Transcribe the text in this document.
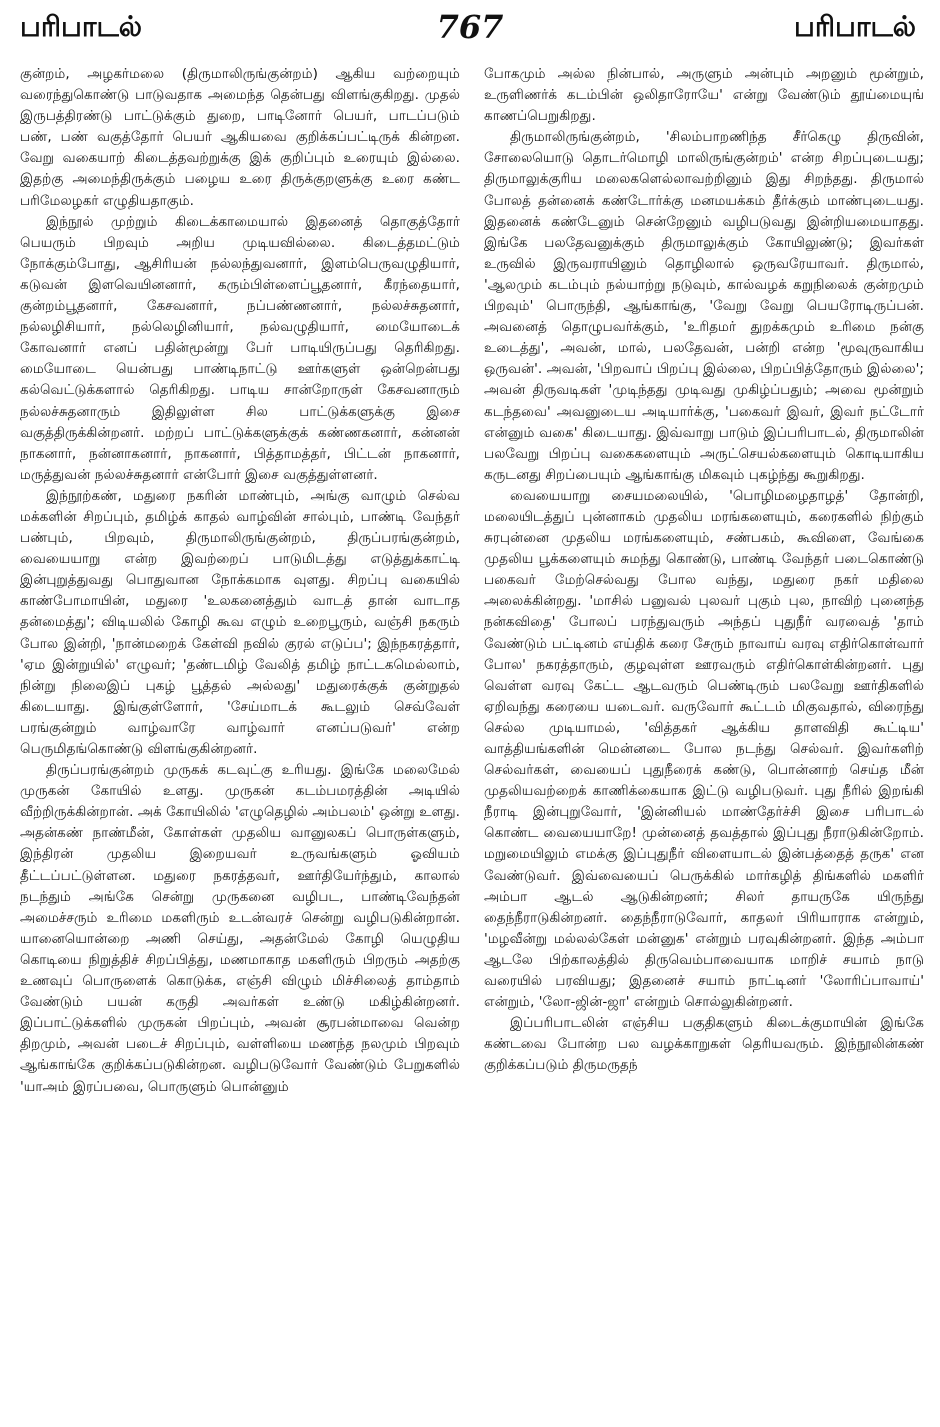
பரிபாடல்	767	பரிபாடல்

குன்றம், அழகர்மலை (திருமாலிருங்குன்றம்) ஆகிய வற்றையும் வரைந்துகொண்டு பாடுவதாக அமைந்த தென்பது விளங்குகிறது. முதல் இருபத்திரண்டு பாட்டுக்கும் துறை, பாடினோர் பெயர், பாடப்படும் பண், பண் வகுத்தோர் பெயர் ஆகியவை குறிக்கப்பட்டிருக் கின்றன. வேறு வகையாற் கிடைத்தவற்றுக்கு இக் குறிப்பும் உரையும் இல்லை. இதற்கு அமைந்திருக்கும் பழைய உரை திருக்குறளுக்கு உரை கண்ட பரிமேலழகர் எழுதியதாகும்.

இந்நூல் முற்றும் கிடைக்காமையால் இதனைத் தொகுத்தோர் பெயரும் பிறவும் அறிய முடியவில்லை. கிடைத்தமட்டும் நோக்கும்போது, ஆசிரியன் நல்லந்துவனார், இளம்பெருவழுதியார், கடுவன் இளவெயினனார், கரும்பிள்ளைப்பூதனார், கீரந்தையார், குன்றம்பூதனார், கேசவனார், நப்பண்ணனார், நல்லச்சுதனார், நல்லழிசியார், நல்லெழினியார், நல்வழுதியார், மையோடைக் கோவனார் எனப் பதின்மூன்று பேர் பாடியிருப்பது தெரிகிறது. மையோடை யென்பது பாண்டிநாட்டு ஊர்களுள் ஒன்றென்பது கல்வெட்டுக்களால் தெரிகிறது. பாடிய சான்றோருள் கேசவனாரும் நல்லச்சுதனாரும் இதிலுள்ள சில பாட்டுக்களுக்கு இசை வகுத்திருக்கின்றனர். மற்றப் பாட்டுக்களுக்குக் கண்ணகனார், கன்னன் நாகனார், நன்னாகனார், நாகனார், பித்தாமத்தர், பிட்டன் நாகனார், மருத்துவன் நல்லச்சுதனார் என்போர் இசை வகுத்துள்ளனர்.

இந்நூற்கண், மதுரை நகரின் மாண்பும், அங்கு வாழும் செல்வ மக்களின் சிறப்பும், தமிழ்க் காதல் வாழ்வின் சால்பும், பாண்டி வேந்தர் பண்பும், பிறவும், திருமாலிருங்குன்றம், திருப்பரங்குன்றம், வையையாறு என்ற இவற்றைப் பாடுமிடத்து எடுத்துக்காட்டி இன்புறுத்துவது பொதுவான நோக்கமாக வுளது. சிறப்பு வகையில் காண்போமாயின், மதுரை 'உலகனைத்தும் வாடத் தான் வாடாத தன்மைத்து'; விடியலில் கோழி கூவ எழும் உறைபூரும், வஞ்சி நகரும் போல இன்றி, 'நான்மறைக் கேள்வி நவில் குரல் எடுப்ப'; இந்நகரத்தார், 'ஏம இன்றுயில்' எழுவர்; 'தண்டமிழ் வேலித் தமிழ் நாட்டகமெல்லாம், நின்று நிலைஇப் புகழ் பூத்தல் அல்லது' மதுரைக்குக் குன்றுதல் கிடையாது. இங்குள்ளோர், 'சேய்மாடக் கூடலும் செவ்வேள் பரங்குன்றும் வாழ்வாரே வாழ்வார் எனப்படுவர்' என்ற பெருமிதங்கொண்டு விளங்குகின்றனர்.

திருப்பரங்குன்றம் முருகக் கடவுட்கு உரியது. இங்கே மலைமேல் முருகன் கோயில் உளது. முருகன் கடம்பமரத்தின் அடியில் வீற்றிருக்கின்றான். அக் கோயிலில் 'எழுதெழில் அம்பலம்' ஒன்று உளது. அதன்கண் நாண்மீன், கோள்கள் முதலிய வானுலகப் பொருள்களும், இந்திரன் முதலிய இறையவர் உருவங்களும் ஓவியம் தீட்டப்பட்டுள்ளன. மதுரை நகரத்தவர், ஊர்தியேர்ந்தும், காலால் நடந்தும் அங்கே சென்று முருகனை வழிபட, பாண்டிவேந்தன் அமைச்சரும் உரிமை மகளிரும் உடன்வரச் சென்று வழிபடுகின்றான். யானையொன்றை அணி செய்து, அதன்மேல் கோழி யெழுதிய கொடியை நிறுத்திச் சிறப்பித்து, மணமாகாத மகளிரும் பிறரும் அதற்கு உணவுப் பொருளைக் கொடுக்க, எஞ்சி விழும் மிச்சிலைத் தாம்தாம் வேண்டும் பயன் கருதி அவர்கள் உண்டு மகிழ்கின்றனர். இப்பாட்டுக்களில் முருகன் பிறப்பும், அவன் சூரபன்மாவை வென்ற திறமும், அவன் படைச் சிறப்பும், வள்ளியை மணந்த நலமும் பிறவும் ஆங்காங்கே குறிக்கப்படுகின்றன. வழிபடுவோர் வேண்டும் பேறுகளில் 'யாஅம் இரப்பவை, பொருளும் பொன்னும்

போகமும் அல்ல நின்பால், அருளும் அன்பும் அறனும் மூன்றும், உருளிணர்க் கடம்பின் ஒலிதாரோயே' என்று வேண்டும் தூய்மையுங் காணப்பெறுகிறது.

திருமாலிருங்குன்றம், 'சிலம்பாறணிந்த சீர்கெழு திருவின், சோலையொடு தொடர்மொழி மாலிருங்குன்றம்' என்ற சிறப்புடையது; திருமாலுக்குரிய மலைகளெல்லாவற்றினும் இது சிறந்தது. திருமால் போலத் தன்னைக் கண்டோர்க்கு மனமயக்கம் தீர்க்கும் மாண்புடையது. இதனைக் கண்டேனும் சென்றேனும் வழிபடுவது இன்றியமையாதது. இங்கே பலதேவனுக்கும் திருமாலுக்கும் கோயிலுண்டு; இவர்கள் உருவில் இருவராயினும் தொழிலால் ஒருவரேயாவர். திருமால், 'ஆலமும் கடம்பும் நல்யாற்று நடுவும், கால்வழக் கறுநிலைக் குன்றமும் பிறவும்' பொருந்தி, ஆங்காங்கு, 'வேறு வேறு பெயரோடிருப்பன். அவனைத் தொழுபவர்க்கும், 'உரிதமர் துறக்கமும் உரிமை நன்கு உடைத்து', அவன், மால், பலதேவன், பன்றி என்ற 'மூவுருவாகிய ஒருவன்'. அவன், 'பிறவாப் பிறப்பு இல்லை, பிறப்பித்தோரும் இல்லை'; அவன் திருவடிகள் 'முடிந்தது முடிவது முகிழ்ப்பதும்; அவை மூன்றும் கடந்தவை' அவனுடைய அடியார்க்கு, 'பகைவர் இவர், இவர் நட்டோர் என்னும் வகை' கிடையாது. இவ்வாறு பாடும் இப்பரிபாடல், திருமாலின் பலவேறு பிறப்பு வகைகளையும் அருட்செயல்களையும் கொடியாகிய கருடனது சிறப்பையும் ஆங்காங்கு மிகவும் புகழ்ந்து கூறுகிறது.

வையையாறு சையமலையில், 'பொழிமழைதாழத்' தோன்றி, மலையிடத்துப் புன்னாகம் முதலிய மரங்களையும், கரைகளில் நிற்கும் சுரபுன்னை முதலிய மரங்களையும், சண்பகம், கூவிளை, வேங்கை முதலிய பூக்களையும் சுமந்து கொண்டு, பாண்டி வேந்தர் படைகொண்டு பகைவர் மேற்செல்வது போல வந்து, மதுரை நகர் மதிலை அலைக்கின்றது. 'மாசில் பனுவல் புலவர் புகும் புல, நாவிற் புனைந்த நன்கவிதை' போலப் பரந்துவரும் அந்தப் புதுநீர் வரவைத் 'தாம் வேண்டும் பட்டினம் எய்திக் கரை சேரும் நாவாய் வரவு எதிர்கொள்வார் போல' நகரத்தாரும், குழவுள்ள ஊரவரும் எதிர்கொள்கின்றனர். புது வெள்ள வரவு கேட்ட ஆடவரும் பெண்டிரும் பலவேறு ஊர்திகளில் ஏறிவந்து கரையை யடைவர். வருவோர் கூட்டம் மிகுவதால், விரைந்து செல்ல முடியாமல், 'வித்தகர் ஆக்கிய தாளவிதி கூட்டிய' வாத்தியங்களின் மென்னடை போல நடந்து செல்வர். இவர்களிற் செல்வர்கள், வையைப் புதுநீரைக் கண்டு, பொன்னாற் செய்த மீன் முதலியவற்றைக் காணிக்கையாக இட்டு வழிபடுவர். புது நீரில் இறங்கி நீராடி இன்புறுவோர், 'இன்னியல் மாண்தேர்ச்சி இசை பரிபாடல் கொண்ட வையையாறே! முன்னைத் தவத்தால் இப்புது நீராடுகின்றோம். மறுமையிலும் எமக்கு இப்புதுநீர் விளையாடல் இன்பத்தைத் தருக' என வேண்டுவர். இவ்வையைப் பெருக்கில் மார்கழித் திங்களில் மகளிர் அம்பா ஆடல் ஆடுகின்றனர்; சிலர் தாயருகே யிருந்து தைந்நீராடுகின்றனர். தைந்நீராடுவோர், காதலர் பிரியாராக என்றும், 'மழவீன்று மல்லல்கேள் மன்னுக' என்றும் பரவுகின்றனர். இந்த அம்பா ஆடலே பிற்காலத்தில் திருவெம்பாவையாக மாறிச் சயாம் நாடு வரையில் பரவியது; இதனைச் சயாம் நாட்டினர் 'லோரிப்பாவாய்' என்றும், 'லோ-ஜின்-ஜா' என்றும் சொல்லுகின்றனர்.

இப்பரிபாடலின் எஞ்சிய பகுதிகளும் கிடைக்குமாயின் இங்கே கண்டவை போன்ற பல வழக்காறுகள் தெரியவரும். இந்நூலின்கண் குறிக்கப்படும் திருமருதந்
